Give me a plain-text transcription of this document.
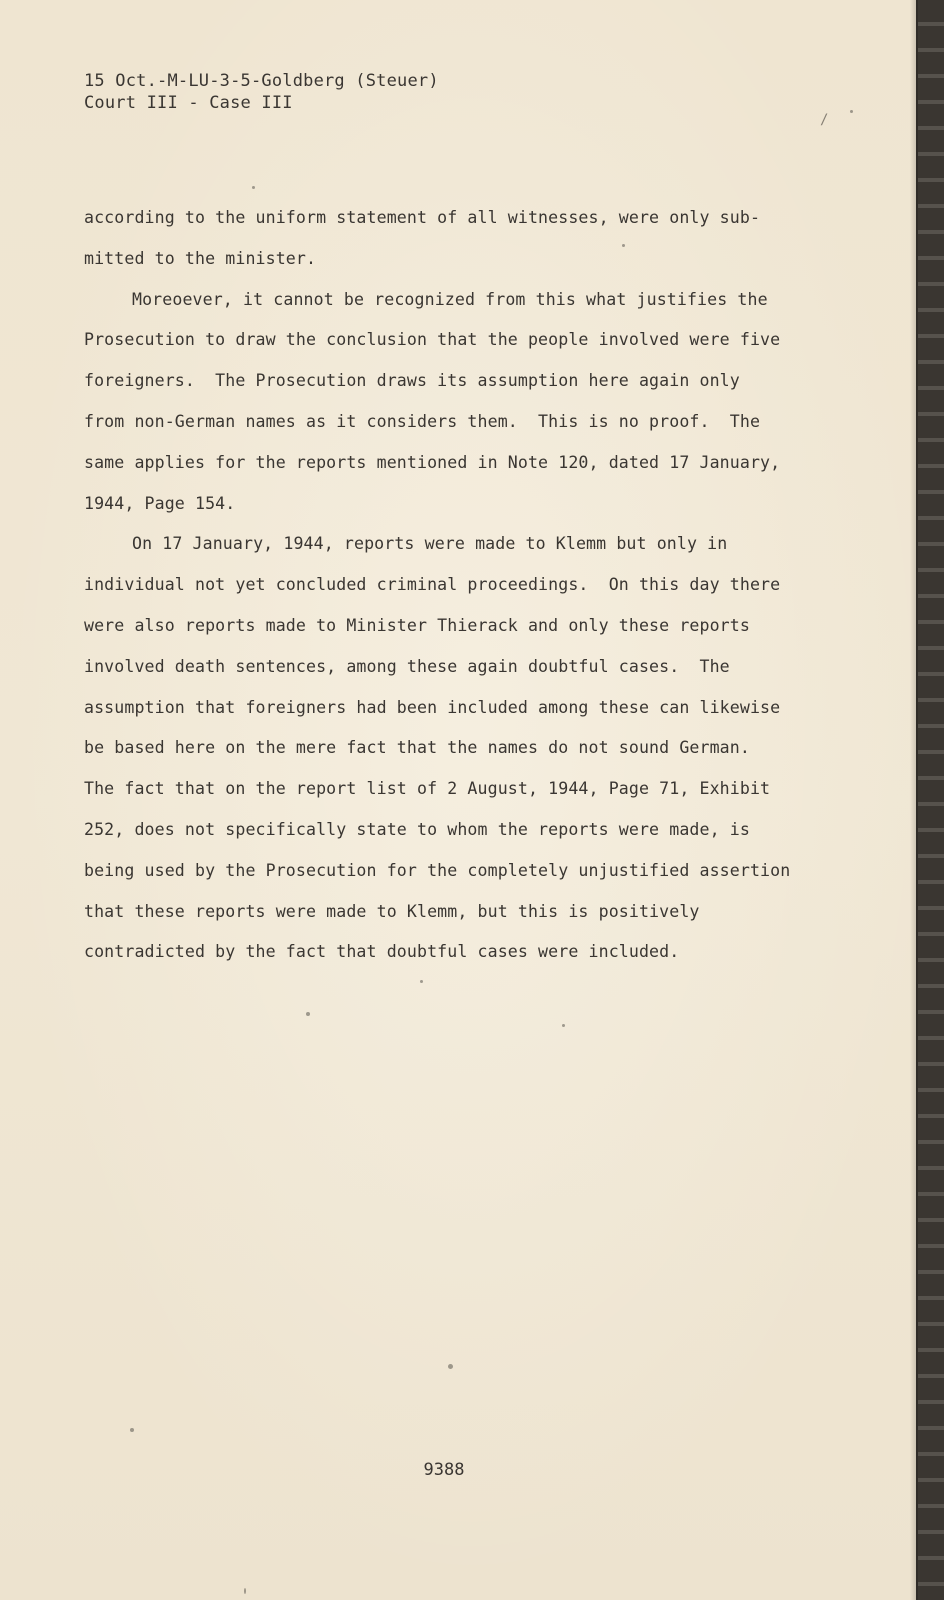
15 Oct.-M-LU-3-5-Goldberg (Steuer)
Court III - Case III
/
according to the uniform statement of all witnesses, were only sub-
mitted to the minister.
Moreoever, it cannot be recognized from this what justifies the
Prosecution to draw the conclusion that the people involved were five
foreigners.  The Prosecution draws its assumption here again only
from non-German names as it considers them.  This is no proof.  The
same applies for the reports mentioned in Note 120, dated 17 January,
1944, Page 154.
On 17 January, 1944, reports were made to Klemm but only in
individual not yet concluded criminal proceedings.  On this day there
were also reports made to Minister Thierack and only these reports
involved death sentences, among these again doubtful cases.  The
assumption that foreigners had been included among these can likewise
be based here on the mere fact that the names do not sound German.
The fact that on the report list of 2 August, 1944, Page 71, Exhibit
252, does not specifically state to whom the reports were made, is
being used by the Prosecution for the completely unjustified assertion
that these reports were made to Klemm, but this is positively
contradicted by the fact that doubtful cases were included.
9388
